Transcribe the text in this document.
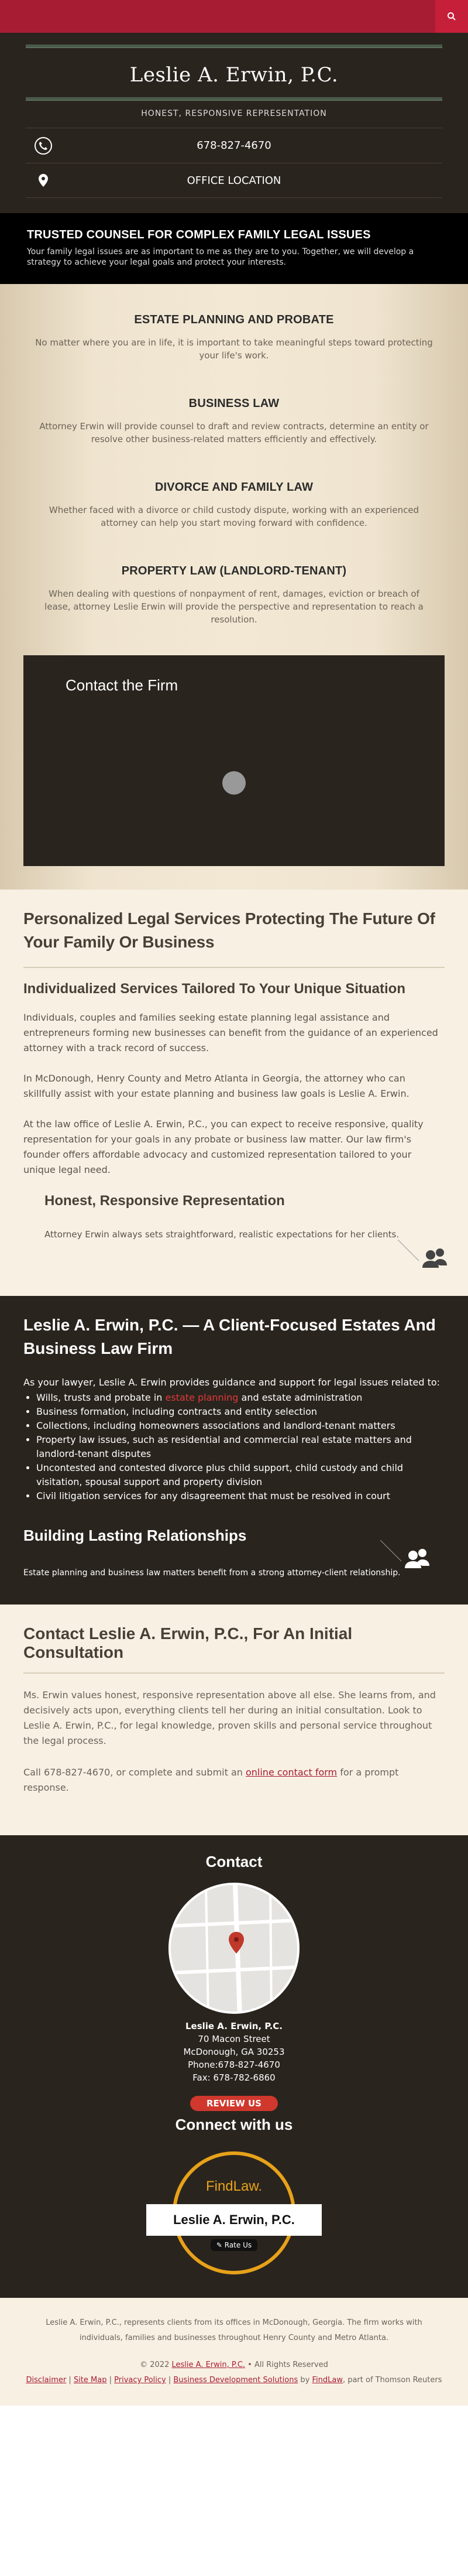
Leslie A. Erwin, P.C.
HONEST, RESPONSIVE REPRESENTATION
678-827-4670
OFFICE LOCATION
TRUSTED COUNSEL FOR COMPLEX FAMILY LEGAL ISSUES

Your family legal issues are as important to me as they are to you. Together, we will develop a strategy to achieve your legal goals and protect your interests.

ESTATE PLANNING AND PROBATE

No matter where you are in life, it is important to take meaningful steps toward protecting your life's work.

BUSINESS LAW

Attorney Erwin will provide counsel to draft and review contracts, determine an entity or resolve other business-related matters efficiently and effectively.

DIVORCE AND FAMILY LAW

Whether faced with a divorce or child custody dispute, working with an experienced attorney can help you start moving forward with confidence.

PROPERTY LAW (LANDLORD-TENANT)

When dealing with questions of nonpayment of rent, damages, eviction or breach of lease, attorney Leslie Erwin will provide the perspective and representation to reach a resolution.

Contact the Firm
Personalized Legal Services Protecting The Future Of Your Family Or Business
Individualized Services Tailored To Your Unique Situation

Individuals, couples and families seeking estate planning legal assistance and entrepreneurs forming new businesses can benefit from the guidance of an experienced attorney with a track record of success.

In McDonough, Henry County and Metro Atlanta in Georgia, the attorney who can skillfully assist with your estate planning and business law goals is Leslie A. Erwin.

At the law office of Leslie A. Erwin, P.C., you can expect to receive responsive, quality representation for your goals in any probate or business law matter. Our law firm's founder offers affordable advocacy and customized representation tailored to your unique legal need.

Honest, Responsive Representation

Attorney Erwin always sets straightforward, realistic expectations for her clients.

Leslie A. Erwin, P.C. — A Client-Focused Estates And Business Law Firm

As your lawyer, Leslie A. Erwin provides guidance and support for legal issues related to:

• Wills, trusts and probate in estate planning and estate administration
• Business formation, including contracts and entity selection
• Collections, including homeowners associations and landlord-tenant matters
• Property law issues, such as residential and commercial real estate matters and landlord-tenant disputes
• Uncontested and contested divorce plus child support, child custody and child visitation, spousal support and property division
• Civil litigation services for any disagreement that must be resolved in court
Building Lasting Relationships

Estate planning and business law matters benefit from a strong attorney-client relationship.

Contact Leslie A. Erwin, P.C., For An Initial Consultation

Ms. Erwin values honest, responsive representation above all else. She learns from, and decisively acts upon, everything clients tell her during an initial consultation. Look to Leslie A. Erwin, P.C., for legal knowledge, proven skills and personal service throughout the legal process.

Call 678-827-4670, or complete and submit an online contact form for a prompt response.

Contact
Leslie A. Erwin, P.C.
70 Macon Street
McDonough, GA 30253
Phone:678-827-4670
Fax: 678-782-6860
REVIEW US
Connect with us
FindLaw.
Leslie A. Erwin, P.C.
✎ Rate Us
Leslie A. Erwin, P.C., represents clients from its offices in McDonough, Georgia. The firm works with individuals, families and businesses throughout Henry County and Metro Atlanta.
© 2022 Leslie A. Erwin, P.C. • All Rights Reserved
Disclaimer | Site Map | Privacy Policy | Business Development Solutions by FindLaw, part of Thomson Reuters
